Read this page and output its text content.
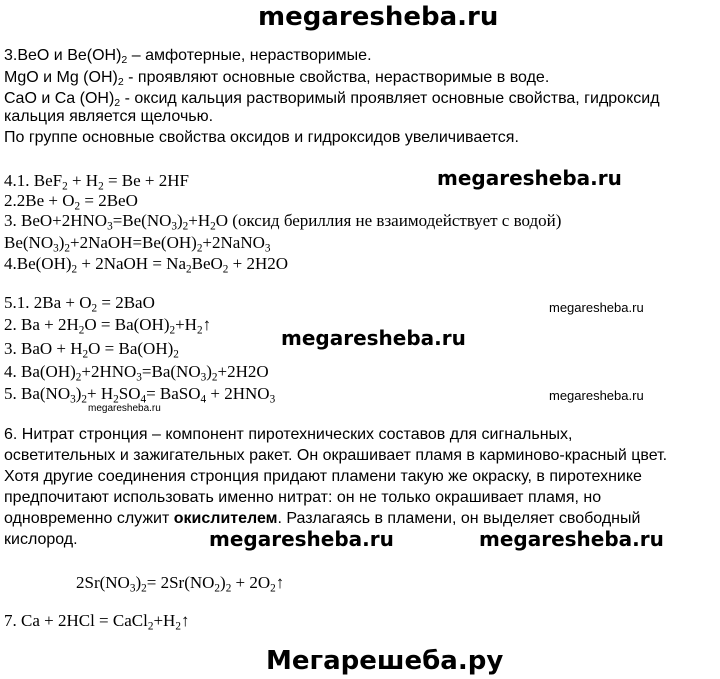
megaresheba.ru
3.BeO и $Be(OH)_2$ – амфотерные, нерастворимые.
MgO и Mg $(OH)_2$ - проявляют основные свойства, нерастворимые в воде.
CaO и Ca $(OH)_2$ - оксид кальция растворимый проявляет основные свойства, гидроксид
кальция является щелочью.
По группе основные свойства оксидов и гидроксидов увеличивается.
4.1. $BeF_2 + H_2 = Be + 2HF$	megaresheba.ru
$2.2Be + O_2 = 2BeO$
3. $BeO+2HNO_3=Be(NO_3)_2+H_2O$ (оксид бериллия не взаимодействует с водой)
$Be(NO_3)_2+2NaOH=Be(OH)_2+2NaNO_3$
$4.Be(OH)_2$ + 2NaOH = $Na_2BeO_2 + 2H2O$
5.1. $2Ba + O_2 = 2BaO$	megaresheba.ru
2. $Ba + 2H_2O$ = $Ba(OH)_2+H_2↑$
megaresheba.ru
3. BaO + $H_2O = Ba(OH)_2$
4. $Ba(OH)_2+2HNO_3=Ba(NO_3)_2+2H2O$
5. $Ba(NO_3)_2+ H_2SO_4=$ BaSO$_4$ + $2HNO_3$	megaresheba.ru
megaresheba.ru
6. Нитрат стронция – компонент пиротехнических составов для сигнальных,
осветительных и зажигательных ракет. Он окрашивает пламя в карминово-красный цвет.
Хотя другие соединения стронция придают пламени такую же окраску, в пиротехнике
предпочитают использовать именно нитрат: он не только окрашивает пламя, но
одновременно служит окислителем. Разлагаясь в пламени, он выделяет свободный
кислород.	megaresheba.ru	megaresheba.ru
$2Sr(NO_3)_2= 2Sr(NO_2)_2$ + $2O_2↑$
7. $Ca + 2HCl = CaCl_2+H_2↑$
Мегарешеба.ру
